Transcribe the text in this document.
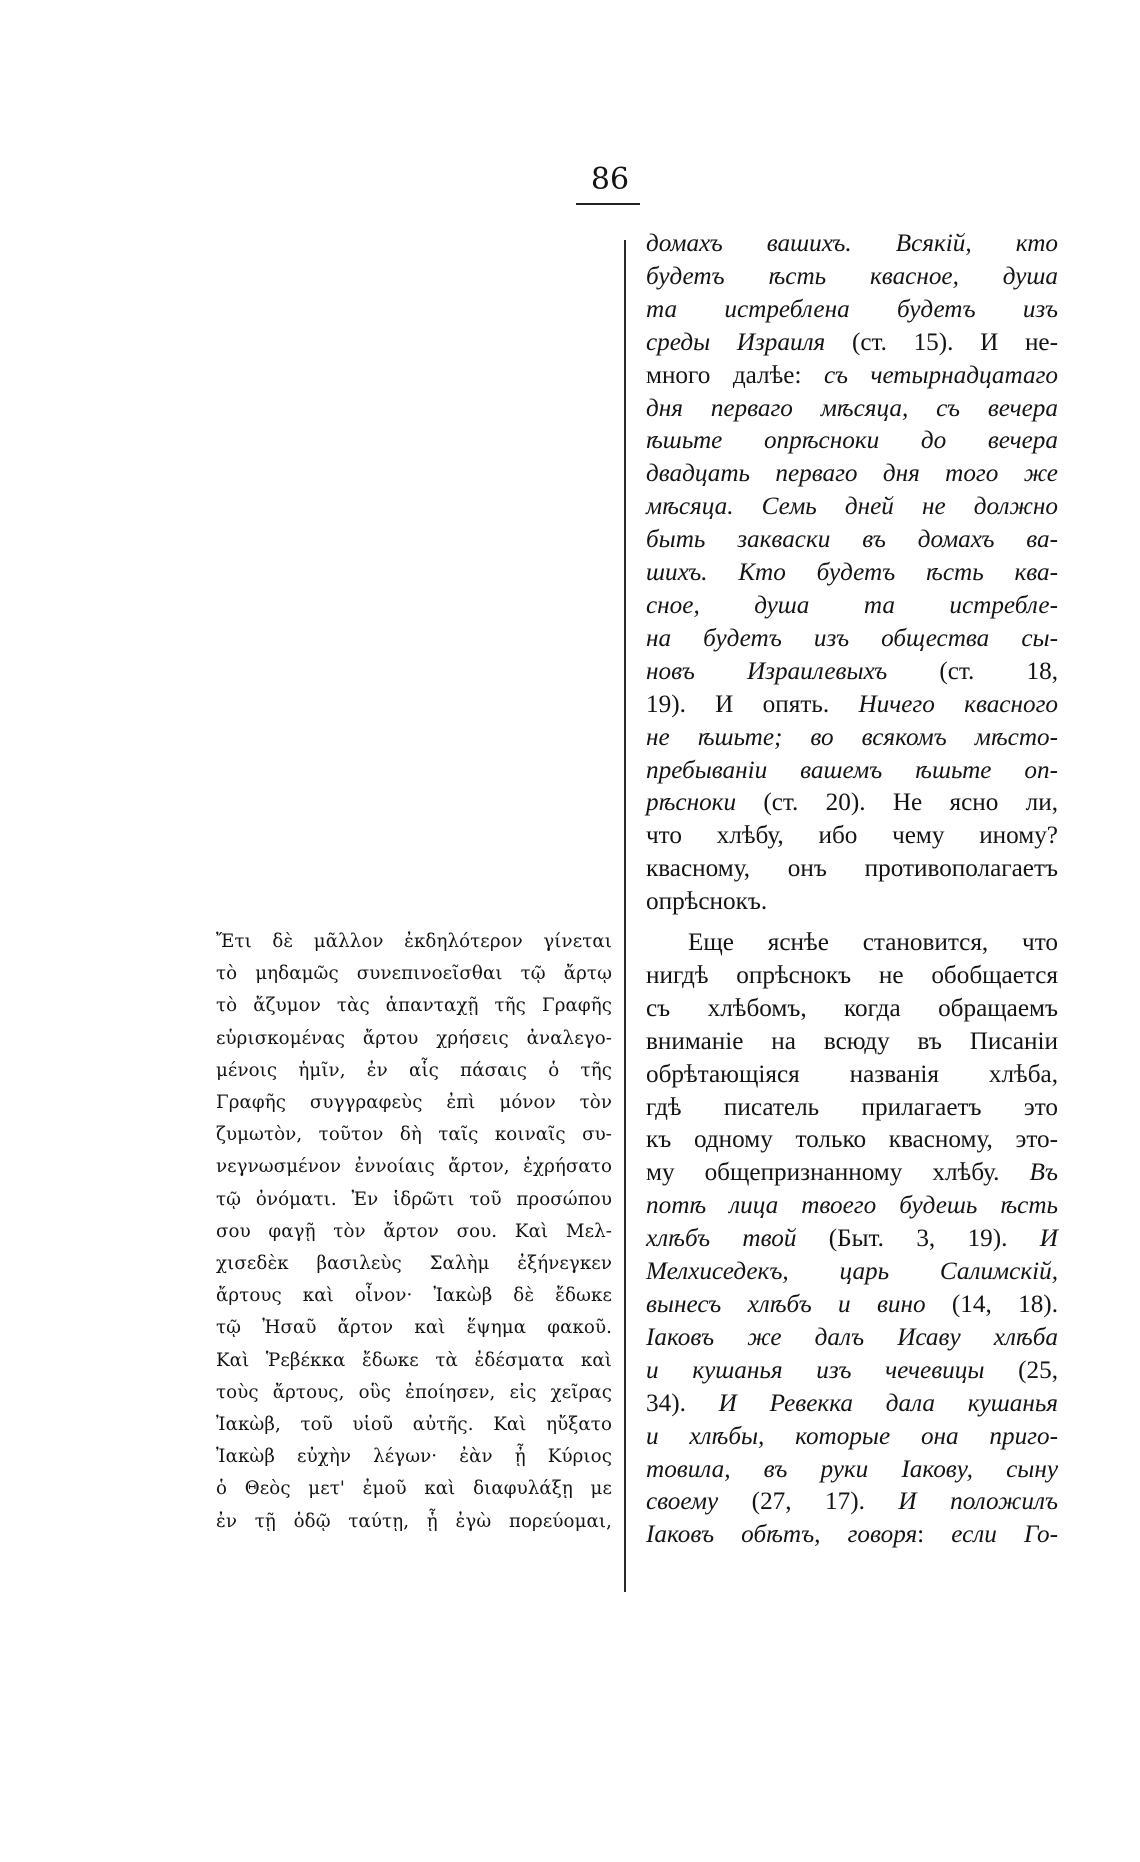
86
Ἔτι δὲ μᾶλλον ἐκδηλότερον γίνεται
τὸ μηδαμῶς συνεπινοεῖσθαι τῷ ἄρτῳ
τὸ ἄζυμον τὰς ἁπανταχῇ τῆς Γραφῆς
εὑρισκομένας ἄρτου χρήσεις ἀναλεγο-
μένοις ἡμῖν, ἐν αἷς πάσαις ὁ τῆς
Γραφῆς συγγραφεὺς ἐπὶ μόνον τὸν
ζυμωτὸν, τοῦτον δὴ ταῖς κοιναῖς συ-
νεγνωσμένον ἐννοίαις ἄρτον, ἐχρήσατο
τῷ ὀνόματι. Ἐν ἱδρῶτι τοῦ προσώπου
σου φαγῇ τὸν ἄρτον σου. Καὶ Μελ-
χισεδὲκ βασιλεὺς Σαλὴμ ἐξήνεγκεν
ἄρτους καὶ οἶνον· Ἰακὼβ δὲ ἔδωκε
τῷ Ἠσαῦ ἄρτον καὶ ἕψημα φακοῦ.
Καὶ Ῥεβέκκα ἔδωκε τὰ ἐδέσματα καὶ
τοὺς ἄρτους, οὓς ἐποίησεν, εἰς χεῖρας
Ἰακὼβ, τοῦ υἱοῦ αὐτῆς. Καὶ ηὔξατο
Ἰακὼβ εὐχὴν λέγων· ἐὰν ᾖ Κύριος
ὁ Θεὸς μετ' ἐμοῦ καὶ διαφυλάξῃ με
ἐν τῇ ὁδῷ ταύτῃ, ᾗ ἐγὼ πορεύομαι,
домахъ вашихъ. Всякій, кто
будетъ ѣсть квасное, душа
та истреблена будетъ изъ
среды Израиля (ст. 15). И не-
много далѣе: съ четырнадцатаго
дня перваго мѣсяца, съ вечера
ѣшьте опрѣсноки до вечера
двадцать перваго дня того же
мѣсяца. Семь дней не должно
быть закваски въ домахъ ва-
шихъ. Кто будетъ ѣсть ква-
сное, душа та истребле-
на будетъ изъ общества сы-
новъ Израилевыхъ (ст. 18,
19). И опять. Ничего квасного
не ѣшьте; во всякомъ мѣсто-
пребываніи вашемъ ѣшьте оп-
рѣсноки (ст. 20). Не ясно ли,
что хлѣбу, ибо чему иному?
квасному, онъ противополагаетъ
опрѣснокъ.
Еще яснѣе становится, что
нигдѣ опрѣснокъ не обобщается
съ хлѣбомъ, когда обращаемъ
вниманіе на всюду въ Писаніи
обрѣтающіяся названія хлѣба,
гдѣ писатель прилагаетъ это
къ одному только квасному, это-
му общепризнанному хлѣбу. Въ
потѣ лица твоего будешь ѣсть
хлѣбъ твой (Быт. 3, 19). И
Мелхиседекъ, царь Салимскій,
вынесъ хлѣбъ и вино (14, 18).
Іаковъ же далъ Исаву хлѣба
и кушанья изъ чечевицы (25,
34). И Ревекка дала кушанья
и хлѣбы, которые она приго-
товила, въ руки Іакову, сыну
своему (27, 17). И положилъ
Іаковъ обѣтъ, говоря: если Го-
